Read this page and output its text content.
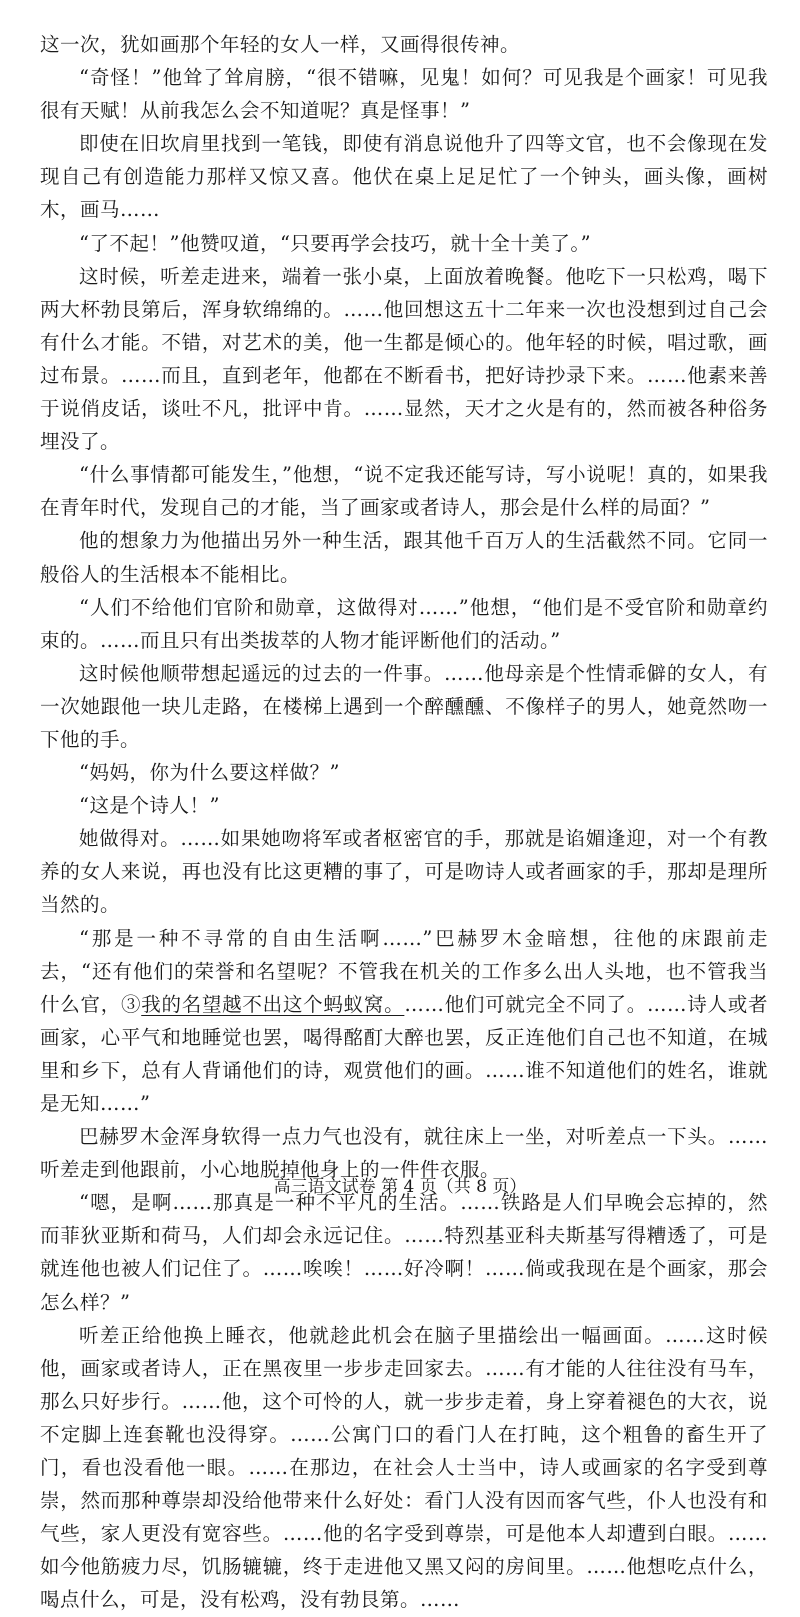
这一次，犹如画那个年轻的女人一样，又画得很传神。

“奇怪！”他耸了耸肩膀，“很不错嘛，见鬼！如何？可见我是个画家！可见我很有天赋！从前我怎么会不知道呢？真是怪事！”

即使在旧坎肩里找到一笔钱，即使有消息说他升了四等文官，也不会像现在发现自己有创造能力那样又惊又喜。他伏在桌上足足忙了一个钟头，画头像，画树木，画马……

“了不起！”他赞叹道，“只要再学会技巧，就十全十美了。”

这时候，听差走进来，端着一张小桌，上面放着晚餐。他吃下一只松鸡，喝下两大杯勃艮第后，浑身软绵绵的。……他回想这五十二年来一次也没想到过自己会有什么才能。不错，对艺术的美，他一生都是倾心的。他年轻的时候，唱过歌，画过布景。……而且，直到老年，他都在不断看书，把好诗抄录下来。……他素来善于说俏皮话，谈吐不凡，批评中肯。……显然，天才之火是有的，然而被各种俗务埋没了。

“什么事情都可能发生，”他想，“说不定我还能写诗，写小说呢！真的，如果我在青年时代，发现自己的才能，当了画家或者诗人，那会是什么样的局面？”

他的想象力为他描出另外一种生活，跟其他千百万人的生活截然不同。它同一般俗人的生活根本不能相比。

“人们不给他们官阶和勋章，这做得对……”他想，“他们是不受官阶和勋章约束的。……而且只有出类拔萃的人物才能评断他们的活动。”

这时候他顺带想起遥远的过去的一件事。……他母亲是个性情乖僻的女人，有一次她跟他一块儿走路，在楼梯上遇到一个醉醺醺、不像样子的男人，她竟然吻一下他的手。

“妈妈，你为什么要这样做？”

“这是个诗人！”

她做得对。……如果她吻将军或者枢密官的手，那就是谄媚逢迎，对一个有教养的女人来说，再也没有比这更糟的事了，可是吻诗人或者画家的手，那却是理所当然的。

“那是一种不寻常的自由生活啊……”巴赫罗木金暗想，往他的床跟前走去，“还有他们的荣誉和名望呢？不管我在机关的工作多么出人头地，也不管我当什么官，③我的名望越不出这个蚂蚁窝。……他们可就完全不同了。……诗人或者画家，心平气和地睡觉也罢，喝得酩酊大醉也罢，反正连他们自己也不知道，在城里和乡下，总有人背诵他们的诗，观赏他们的画。……谁不知道他们的姓名，谁就是无知……”

巴赫罗木金浑身软得一点力气也没有，就往床上一坐，对听差点一下头。……听差走到他跟前，小心地脱掉他身上的一件件衣服。

“嗯，是啊……那真是一种不平凡的生活。……铁路是人们早晚会忘掉的，然而菲狄亚斯和荷马，人们却会永远记住。……特烈基亚科夫斯基写得糟透了，可是就连他也被人们记住了。……唉唉！……好冷啊！……倘或我现在是个画家，那会怎么样？”

听差正给他换上睡衣，他就趁此机会在脑子里描绘出一幅画面。……这时候他，画家或者诗人，正在黑夜里一步步走回家去。……有才能的人往往没有马车，那么只好步行。……他，这个可怜的人，就一步步走着，身上穿着褪色的大衣，说不定脚上连套靴也没得穿。……公寓门口的看门人在打盹，这个粗鲁的畜生开了门，看也没看他一眼。……在那边，在社会人士当中，诗人或画家的名字受到尊崇，然而那种尊崇却没给他带来什么好处：看门人没有因而客气些，仆人也没有和气些，家人更没有宽容些。……他的名字受到尊崇，可是他本人却遭到白眼。……如今他筋疲力尽，饥肠辘辘，终于走进他又黑又闷的房间里。……他想吃点什么，喝点什么，可是，没有松鸡，没有勃艮第。……

高三语文试卷 第 4 页（共 8 页）
